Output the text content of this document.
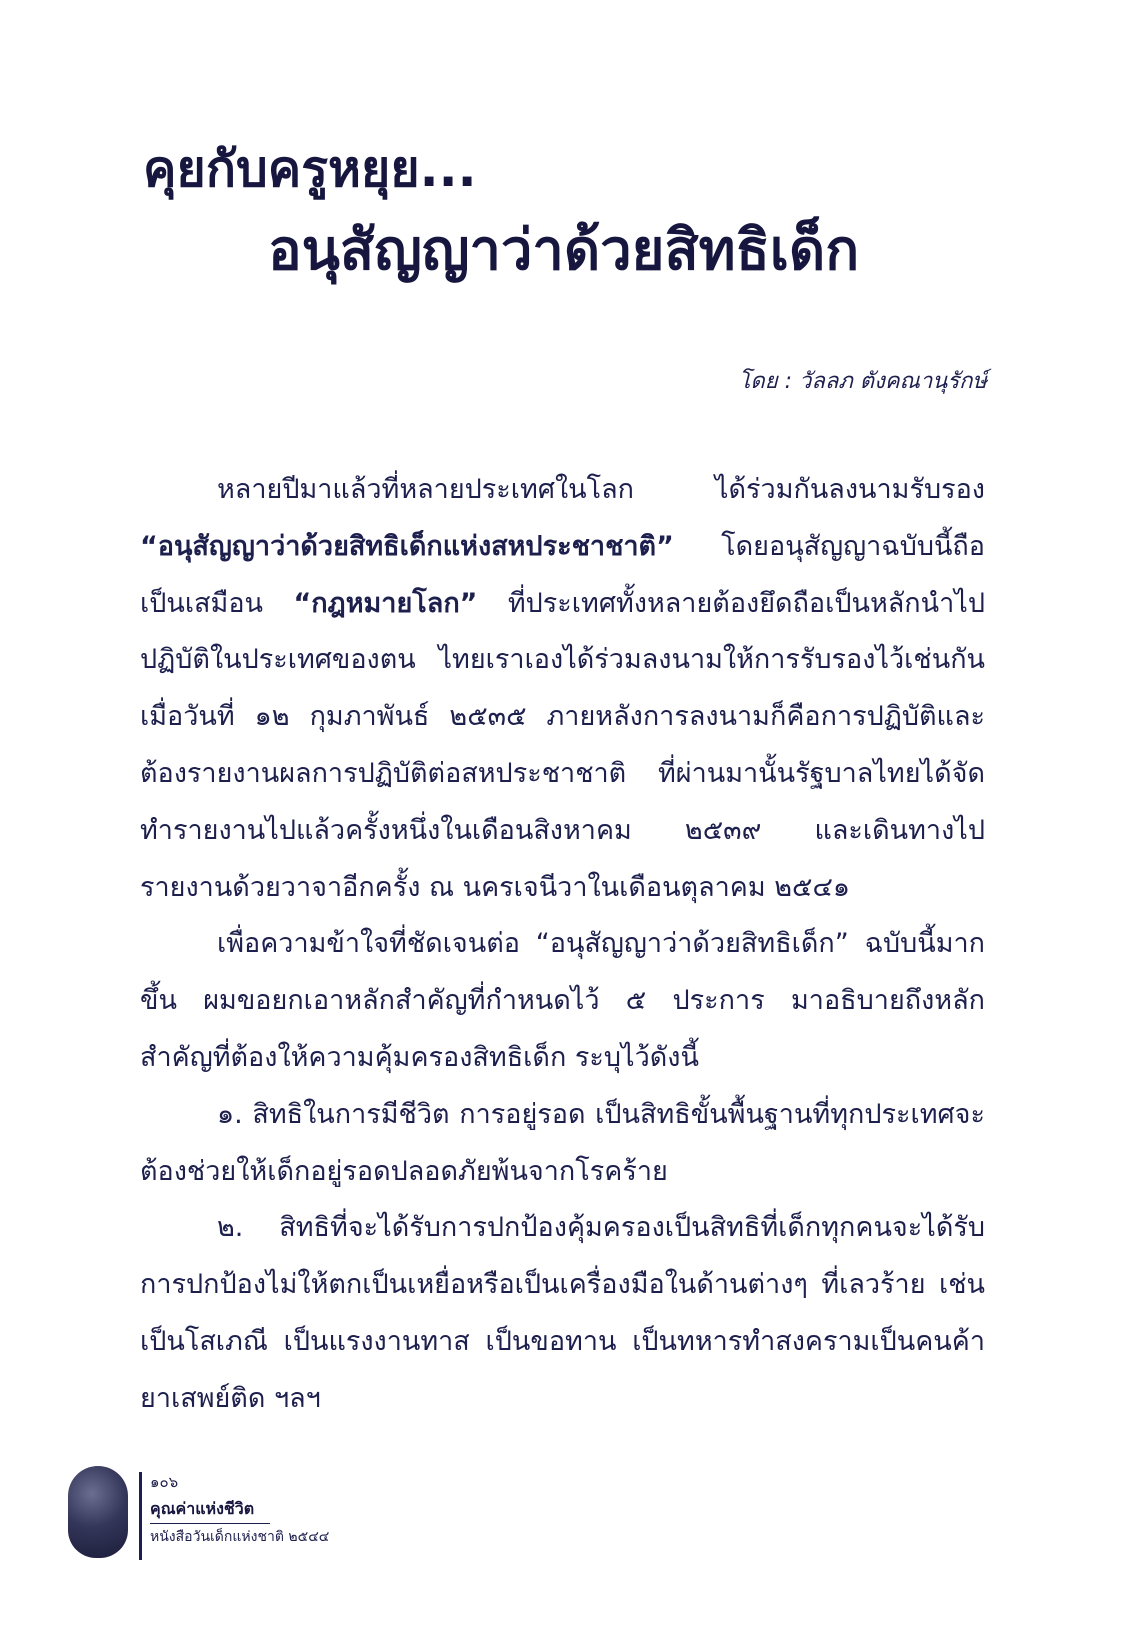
คุยกับครูหยุย...
อนุสัญญาว่าด้วยสิทธิเด็ก
โดย : วัลลภ ตังคณานุรักษ์

หลายปีมาแล้วที่หลายประเทศในโลก ได้ร่วมกันลงนามรับรอง “อนุสัญญาว่าด้วยสิทธิเด็กแห่งสหประชาชาติ” โดยอนุสัญญาฉบับนี้ถือเป็นเสมือน “กฎหมายโลก” ที่ประเทศทั้งหลายต้องยึดถือเป็นหลักนำไปปฏิบัติในประเทศของตน ไทยเราเองได้ร่วมลงนามให้การรับรองไว้เช่นกัน เมื่อวันที่ ๑๒ กุมภาพันธ์ ๒๕๓๕ ภายหลังการลงนามก็คือการปฏิบัติและต้องรายงานผลการปฏิบัติต่อสหประชาชาติ ที่ผ่านมานั้นรัฐบาลไทยได้จัดทำรายงานไปแล้วครั้งหนึ่งในเดือนสิงหาคม ๒๕๓๙ และเดินทางไปรายงานด้วยวาจาอีกครั้ง ณ นครเจนีวาในเดือนตุลาคม ๒๕๔๑

เพื่อความข้าใจที่ชัดเจนต่อ “อนุสัญญาว่าด้วยสิทธิเด็ก” ฉบับนี้มากขึ้น ผมขอยกเอาหลักสำคัญที่กำหนดไว้ ๕ ประการ มาอธิบายถึงหลักสำคัญที่ต้องให้ความคุ้มครองสิทธิเด็ก ระบุไว้ดังนี้

๑. สิทธิในการมีชีวิต การอยู่รอด เป็นสิทธิขั้นพื้นฐานที่ทุกประเทศจะต้องช่วยให้เด็กอยู่รอดปลอดภัยพ้นจากโรคร้าย

๒. สิทธิที่จะได้รับการปกป้องคุ้มครองเป็นสิทธิที่เด็กทุกคนจะได้รับการปกป้องไม่ให้ตกเป็นเหยื่อหรือเป็นเครื่องมือในด้านต่างๆ ที่เลวร้าย เช่น เป็นโสเภณี เป็นแรงงานทาส เป็นขอทาน เป็นทหารทำสงครามเป็นคนค้ายาเสพย์ติด ฯลฯ

๑๐๖
คุณค่าแห่งชีวิต
หนังสือวันเด็กแห่งชาติ ๒๕๔๔
